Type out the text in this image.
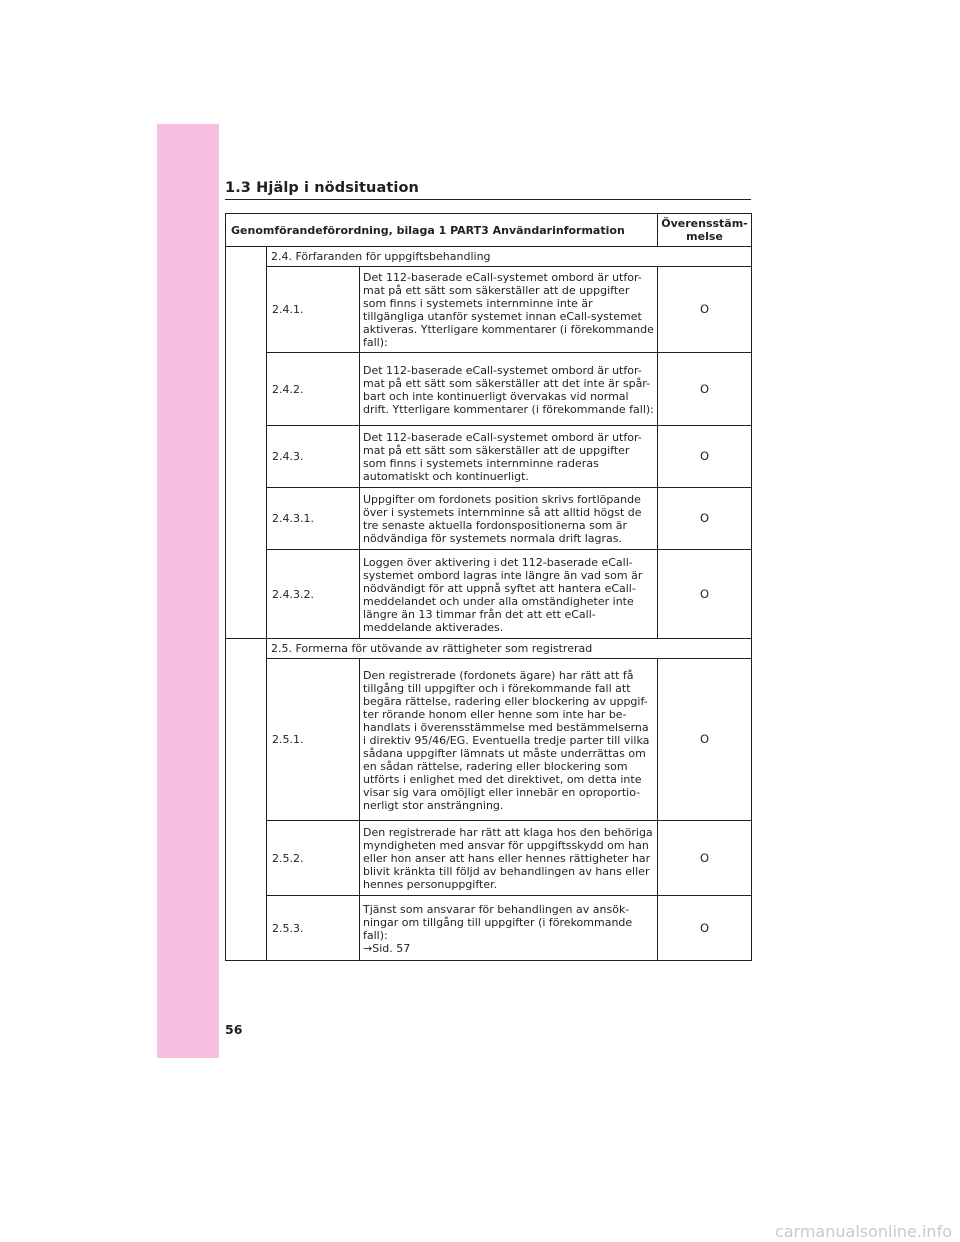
1.3 Hjälp i nödsituation
Genomförandeförordning, bilaga 1 PART3 Användarinformation			Överensstäm-melse
	2.4. Förfaranden för uppgiftsbehandling		
	2.4.1.	Det 112-baserade eCall-systemet ombord är utfor-mat på ett sätt som säkerställer att de uppgifter som finns i systemets internminne inte är tillgängliga utanför systemet innan eCall-systemet aktiveras. Ytterligare kommentarer (i förekommande fall):	O
	2.4.2.	Det 112-baserade eCall-systemet ombord är utfor-mat på ett sätt som säkerställer att det inte är spår-bart och inte kontinuerligt övervakas vid normal drift. Ytterligare kommentarer (i förekommande fall):	O
	2.4.3.	Det 112-baserade eCall-systemet ombord är utfor-mat på ett sätt som säkerställer att de uppgifter som finns i systemets internminne raderas automatiskt och kontinuerligt.	O
	2.4.3.1.	Uppgifter om fordonets position skrivs fortlöpande över i systemets internminne så att alltid högst de tre senaste aktuella fordonspositionerna som är nödvändiga för systemets normala drift lagras.	O
	2.4.3.2.	Loggen över aktivering i det 112-baserade eCall-systemet ombord lagras inte längre än vad som är nödvändigt för att uppnå syftet att hantera eCall-meddelandet och under alla omständigheter inte längre än 13 timmar från det att ett eCall-meddelande aktiverades.	O
	2.5. Formerna för utövande av rättigheter som registrerad		
	2.5.1.	Den registrerade (fordonets ägare) har rätt att få tillgång till uppgifter och i förekommande fall att begära rättelse, radering eller blockering av uppgif-ter rörande honom eller henne som inte har be-handlats i överensstämmelse med bestämmelserna i direktiv 95/46/EG. Eventuella tredje parter till vilka sådana uppgifter lämnats ut måste underrättas om en sådan rättelse, radering eller blockering som utförts i enlighet med det direktivet, om detta inte visar sig vara omöjligt eller innebär en oproportio-nerligt stor ansträngning.	O
	2.5.2.	Den registrerade har rätt att klaga hos den behöriga myndigheten med ansvar för uppgiftsskydd om han eller hon anser att hans eller hennes rättigheter har blivit kränkta till följd av behandlingen av hans eller hennes personuppgifter.	O
	2.5.3.	Tjänst som ansvarar för behandlingen av ansök-ningar om tillgång till uppgifter (i förekommande fall):
→Sid. 57	O
56
carmanualsonline.info
